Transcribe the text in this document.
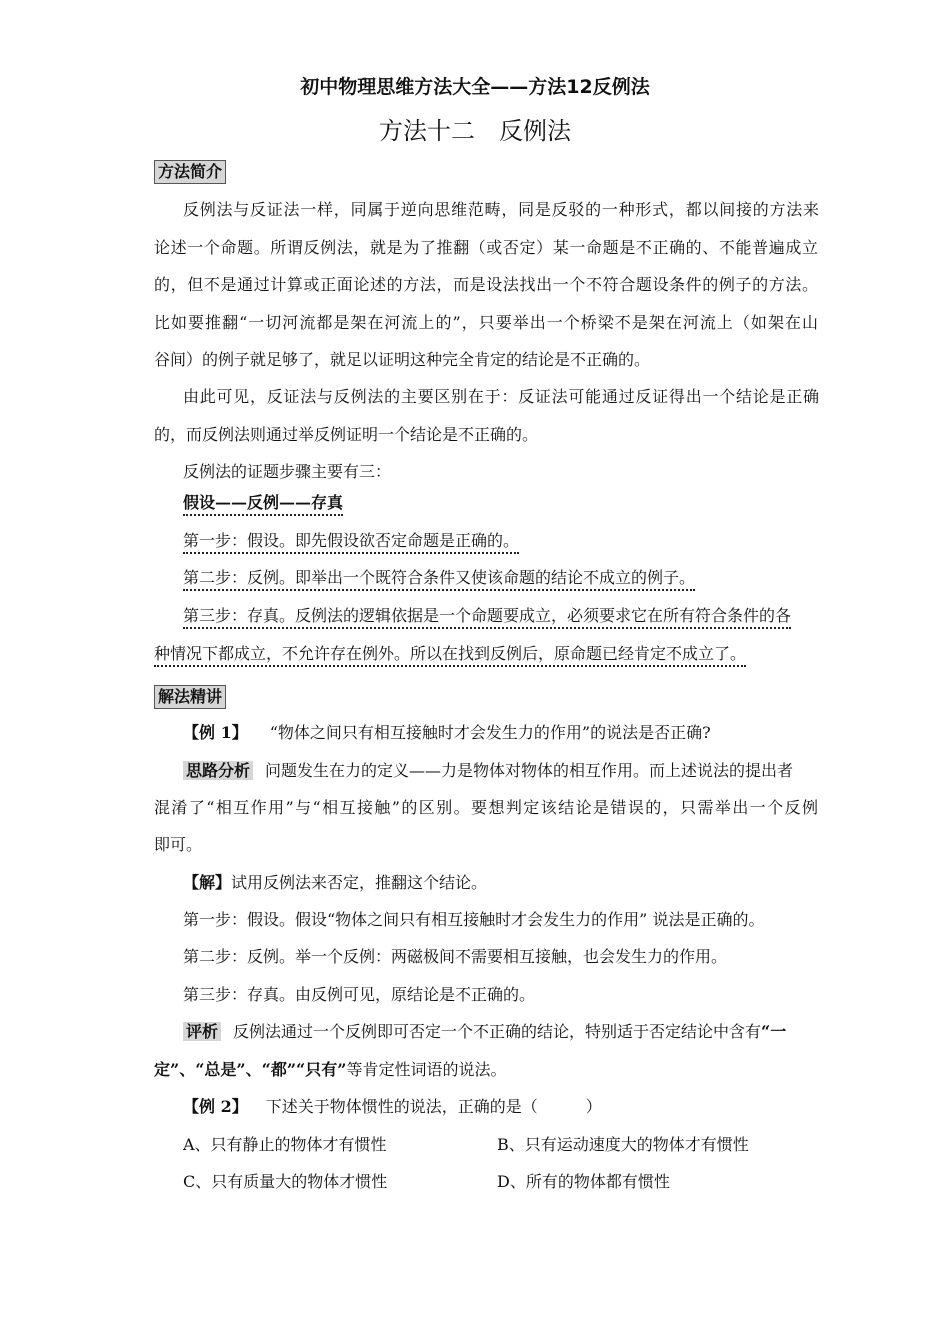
初中物理思维方法大全——方法12反例法
方法十二　反例法
方法简介
反例法与反证法一样，同属于逆向思维范畴，同是反驳的一种形式，都以间接的方法来
论述一个命题。所谓反例法，就是为了推翻（或否定）某一命题是不正确的、不能普遍成立
的，但不是通过计算或正面论述的方法，而是设法找出一个不符合题设条件的例子的方法。
比如要推翻“一切河流都是架在河流上的”，只要举出一个桥梁不是架在河流上（如架在山
谷间）的例子就足够了，就足以证明这种完全肯定的结论是不正确的。
由此可见，反证法与反例法的主要区别在于：反证法可能通过反证得出一个结论是正确
的，而反例法则通过举反例证明一个结论是不正确的。
反例法的证题步骤主要有三：
假设——反例——存真
第一步：假设。即先假设欲否定命题是正确的。
第二步：反例。即举出一个既符合条件又使该命题的结论不成立的例子。
第三步：存真。反例法的逻辑依据是一个命题要成立，必须要求它在所有符合条件的各
种情况下都成立，不允许存在例外。所以在找到反例后，原命题已经肯定不成立了。
解法精讲
【例 1】 “物体之间只有相互接触时才会发生力的作用”的说法是否正确?
思路分析 问题发生在力的定义——力是物体对物体的相互作用。而上述说法的提出者
混淆了“相互作用”与“相互接触”的区别。要想判定该结论是错误的，只需举出一个反例
即可。
【解】试用反例法来否定，推翻这个结论。
第一步：假设。假设“物体之间只有相互接触时才会发生力的作用” 说法是正确的。
第二步：反例。举一个反例：两磁极间不需要相互接触，也会发生力的作用。
第三步：存真。由反例可见，原结论是不正确的。
评析 反例法通过一个反例即可否定一个不正确的结论，特别适于否定结论中含有“一
定”、“总是”、“都”“只有”等肯定性词语的说法。
【例 2】 下述关于物体惯性的说法，正确的是（　　　）
A、只有静止的物体才有惯性	B、只有运动速度大的物体才有惯性
C、只有质量大的物体才惯性	D、所有的物体都有惯性
